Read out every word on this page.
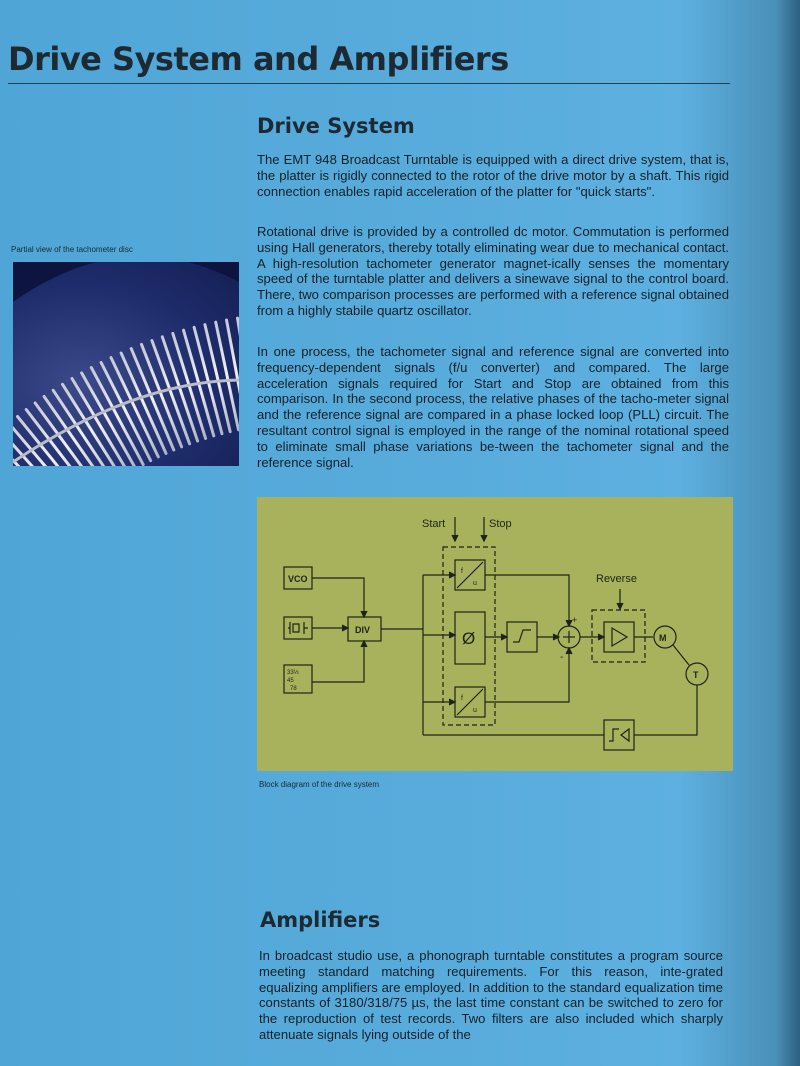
Drive System and Amplifiers
Drive System

The EMT 948 Broadcast Turntable is equipped with a direct drive system, that is, the platter is rigidly connected to the rotor of the drive motor by a shaft. This rigid connection enables rapid acceleration of the platter for "quick starts".

Rotational drive is provided by a controlled dc motor. Commutation is performed using Hall generators, thereby totally eliminating wear due to mechanical contact. A high-resolution tachometer generator magnet-ically senses the momentary speed of the turntable platter and delivers a sinewave signal to the control board. There, two comparison processes are performed with a reference signal obtained from a highly stabile quartz oscillator.

In one process, the tachometer signal and reference signal are converted into frequency-dependent signals (f/u converter) and compared. The large acceleration signals required for Start and Stop are obtained from this comparison. In the second process, the relative phases of the tacho-meter signal and the reference signal are compared in a phase locked loop (PLL) circuit. The resultant control signal is employed in the range of the nominal rotational speed to eliminate small phase variations be-tween the tachometer signal and the reference signal.

Partial view of the tachometer disc

Start	Stop
VCO
33⅓
45
78
DIV
f
u
Ø
f
u
+
-
Reverse
M
T

Block diagram of the drive system

Amplifiers

In broadcast studio use, a phonograph turntable constitutes a program source meeting standard matching requirements. For this reason, inte-grated equalizing amplifiers are employed. In addition to the standard equalization time constants of 3180/318/75 µs, the last time constant can be switched to zero for the reproduction of test records. Two filters are also included which sharply attenuate signals lying outside of the
